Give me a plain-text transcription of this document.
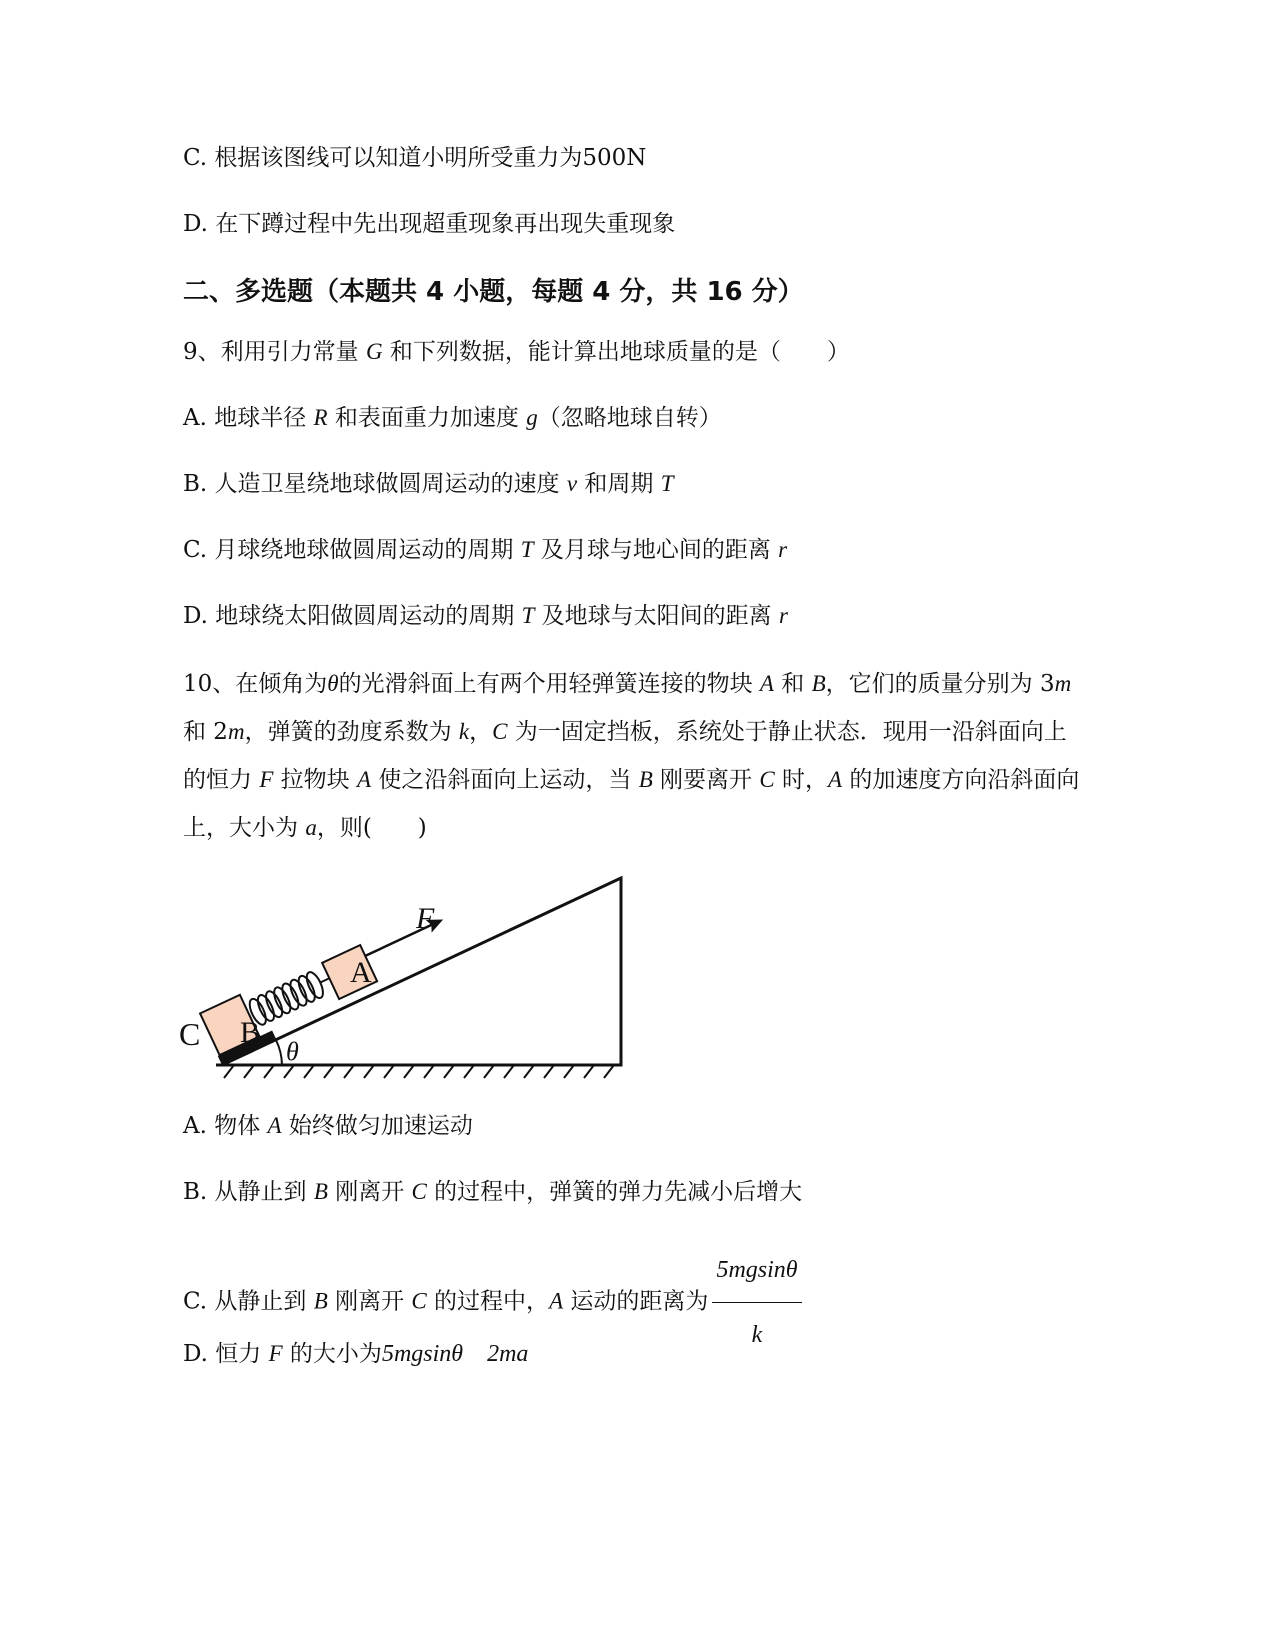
C. 根据该图线可以知道小明所受重力为500N
D. 在下蹲过程中先出现超重现象再出现失重现象
二、多选题（本题共 4 小题，每题 4 分，共 16 分）
9、利用引力常量 G 和下列数据，能计算出地球质量的是（　　）
A. 地球半径 R 和表面重力加速度 g（忽略地球自转）
B. 人造卫星绕地球做圆周运动的速度 v 和周期 T
C. 月球绕地球做圆周运动的周期 T 及月球与地心间的距离 r
D. 地球绕太阳做圆周运动的周期 T 及地球与太阳间的距离 r
10、在倾角为θ的光滑斜面上有两个用轻弹簧连接的物块 A 和 B，它们的质量分别为 3m 和 2m，弹簧的劲度系数为 k，C 为一固定挡板，系统处于静止状态．现用一沿斜面向上的恒力 F 拉物块 A 使之沿斜面向上运动，当 B 刚要离开 C 时，A 的加速度方向沿斜面向上，大小为 a，则(　　)
θ
C B
A
F
A. 物体 A 始终做匀加速运动
B. 从静止到 B 刚离开 C 的过程中，弹簧的弹力先减小后增大
C. 从静止到 B 刚离开 C 的过程中，A 运动的距离为 $\frac{5mgsin\theta}{k}$
D. 恒力 F 的大小为5mgsinθ　2ma
